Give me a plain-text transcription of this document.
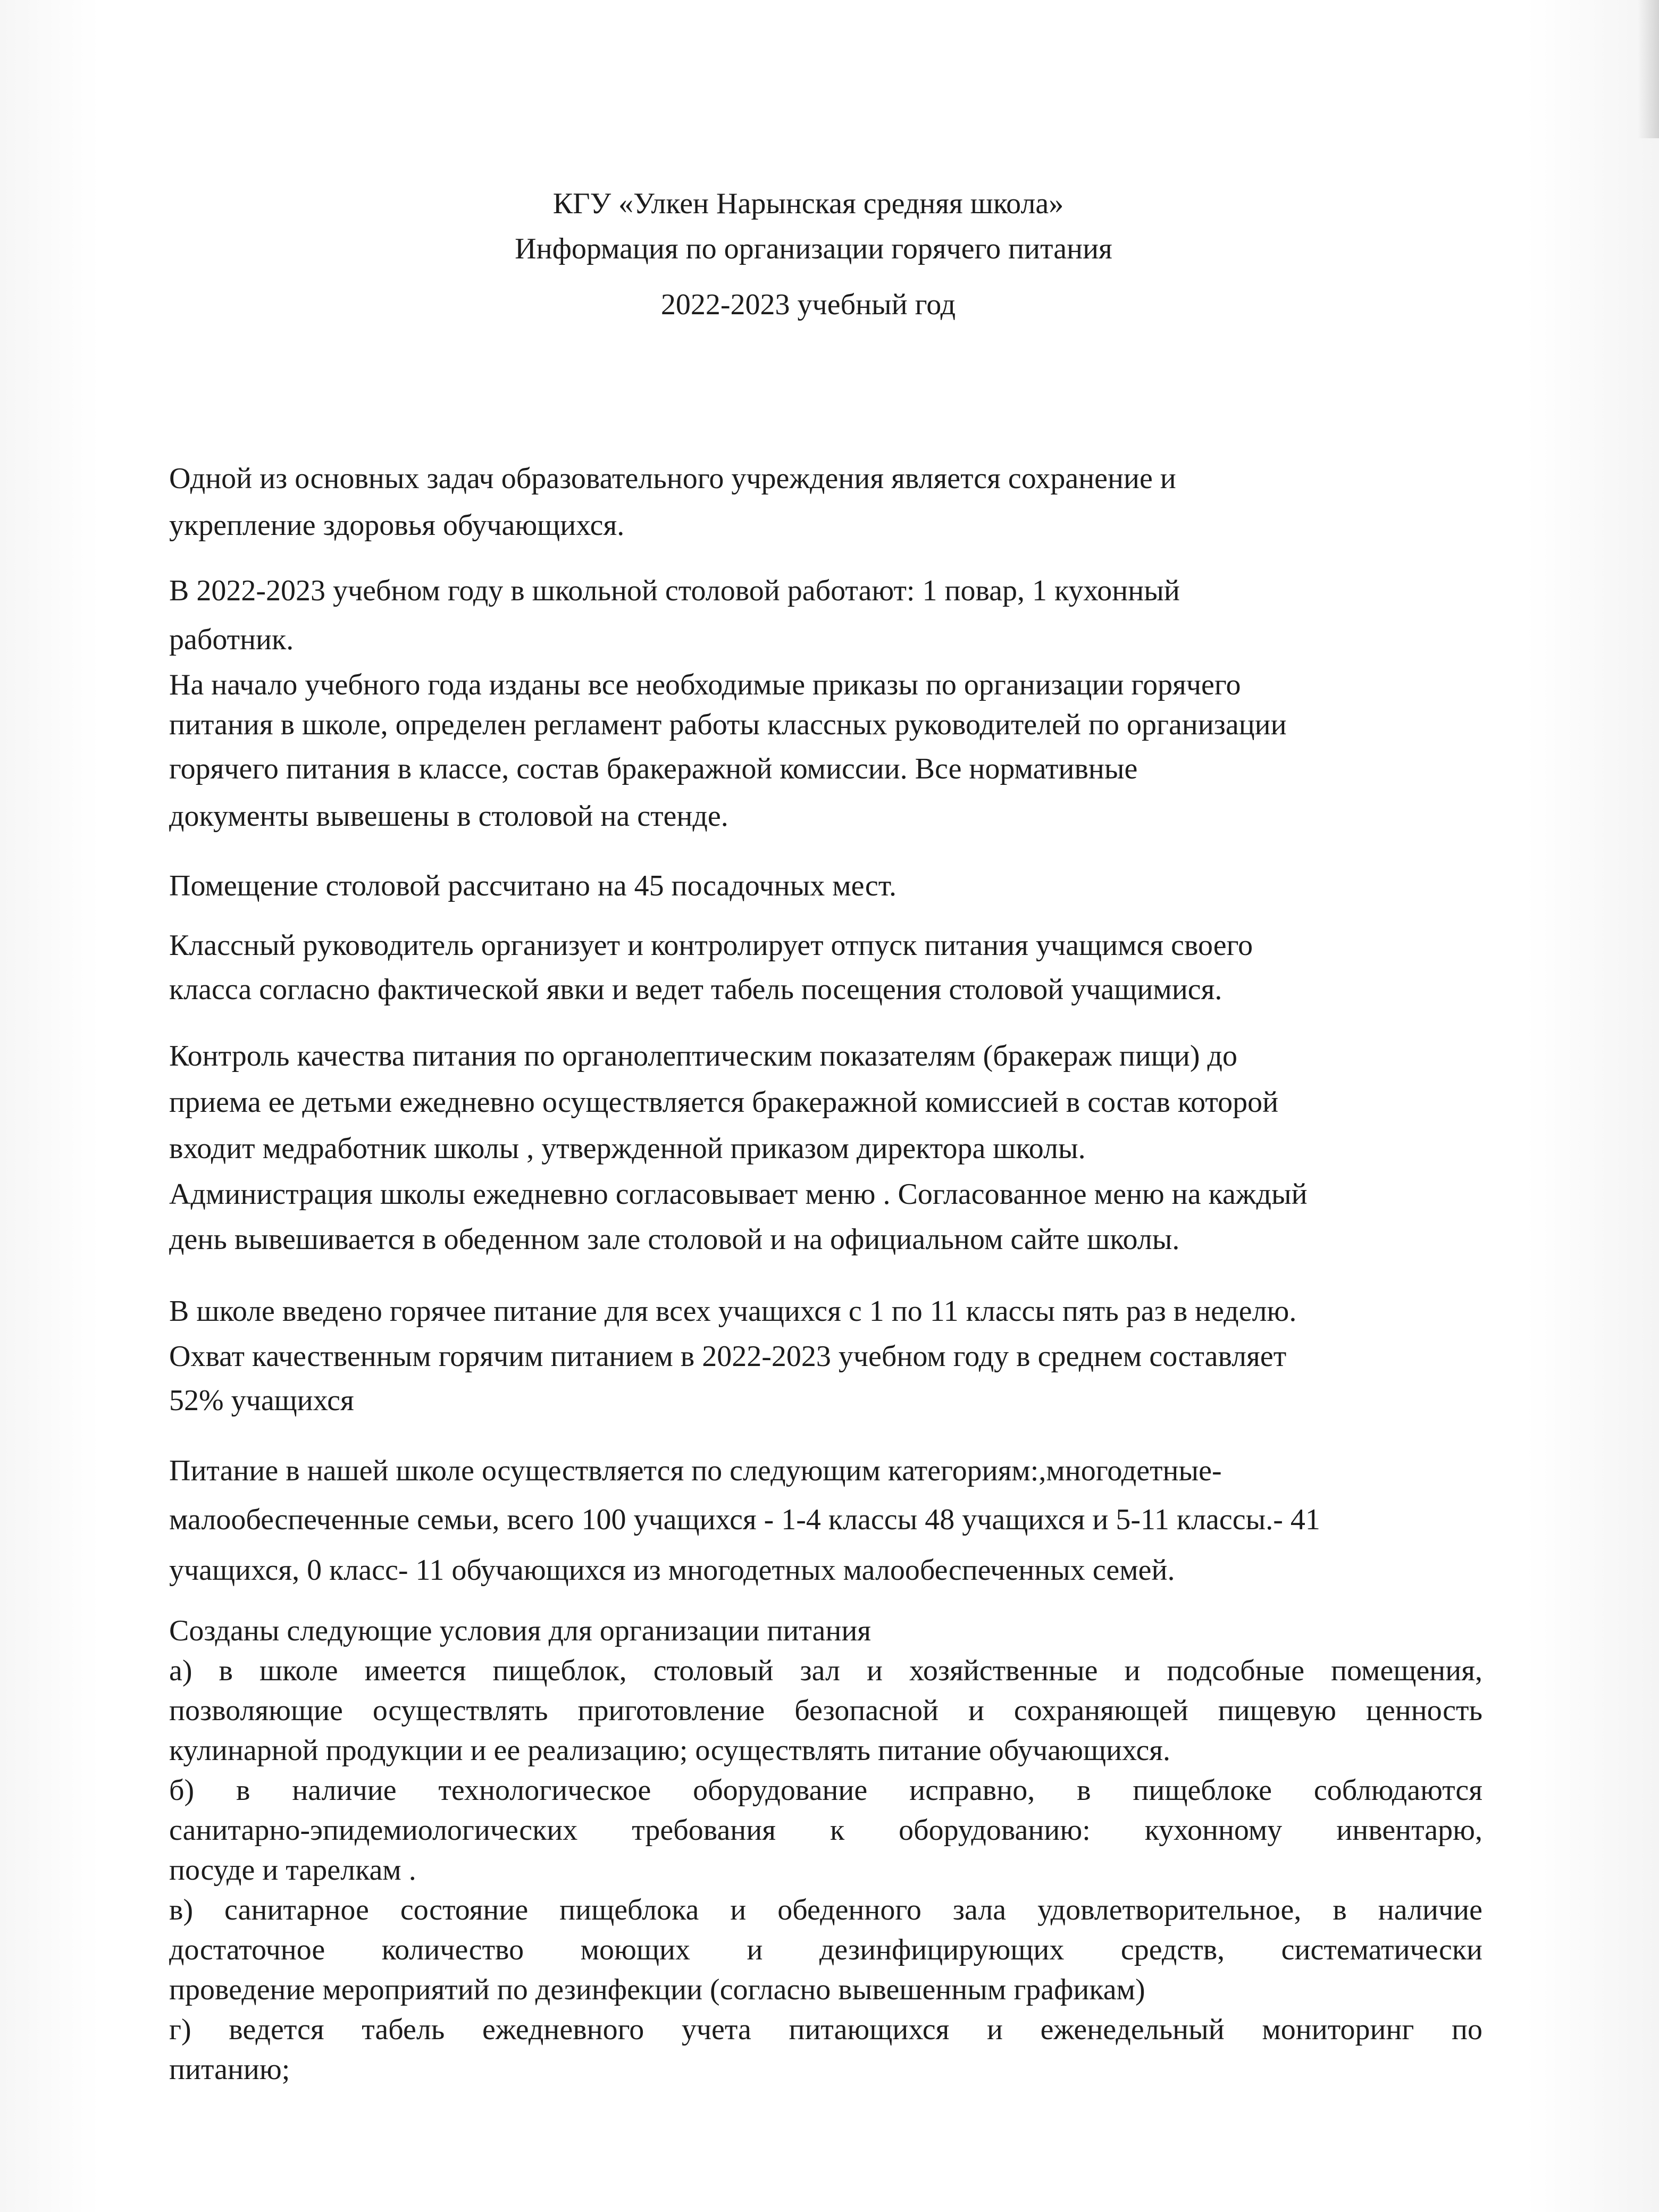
КГУ «Улкен Нарынская средняя школа»
Информация по организации горячего питания
2022-2023 учебный год
Одной из основных задач образовательного учреждения является сохранение и
укрепление здоровья обучающихся.
В 2022-2023 учебном году в школьной столовой работают: 1 повар, 1 кухонный
работник.
На начало учебного года изданы все необходимые приказы по организации горячего
питания в школе, определен регламент работы классных руководителей по организации
горячего питания в классе, состав бракеражной комиссии. Все нормативные
документы вывешены в столовой на стенде.
Помещение столовой рассчитано на 45 посадочных мест.
Классный руководитель организует и контролирует отпуск питания учащимся своего
класса согласно фактической явки и ведет табель посещения столовой учащимися.
Контроль качества питания по органолептическим показателям (бракераж пищи) до
приема ее детьми ежедневно осуществляется бракеражной комиссией в состав которой
входит медработник школы , утвержденной приказом директора школы.
Администрация школы ежедневно согласовывает меню . Согласованное меню на каждый
день вывешивается в обеденном зале столовой и на официальном сайте школы.
В школе введено горячее питание для всех учащихся с 1 по 11 классы пять раз в неделю.
Охват качественным горячим питанием в 2022-2023 учебном году в среднем составляет
52% учащихся
Питание в нашей школе осуществляется по следующим категориям:,многодетные-
малообеспеченные семьи, всего 100 учащихся - 1-4 классы 48 учащихся и 5-11 классы.- 41
учащихся, 0 класс- 11 обучающихся из многодетных малообеспеченных семей.
Созданы следующие условия для организации питания
а) в школе имеется пищеблок, столовый зал и хозяйственные и подсобные помещения,
позволяющие осуществлять приготовление безопасной и сохраняющей пищевую ценность
кулинарной продукции и ее реализацию; осуществлять питание обучающихся.
б) в наличие технологическое оборудование исправно, в пищеблоке соблюдаются
санитарно-эпидемиологических требования к оборудованию: кухонному инвентарю,
посуде и тарелкам .
в) санитарное состояние пищеблока и обеденного зала удовлетворительное, в наличие
достаточное количество моющих и дезинфицирующих средств, систематически
проведение мероприятий по дезинфекции (согласно вывешенным графикам)
г) ведется табель ежедневного учета питающихся и еженедельный мониторинг по
питанию;
